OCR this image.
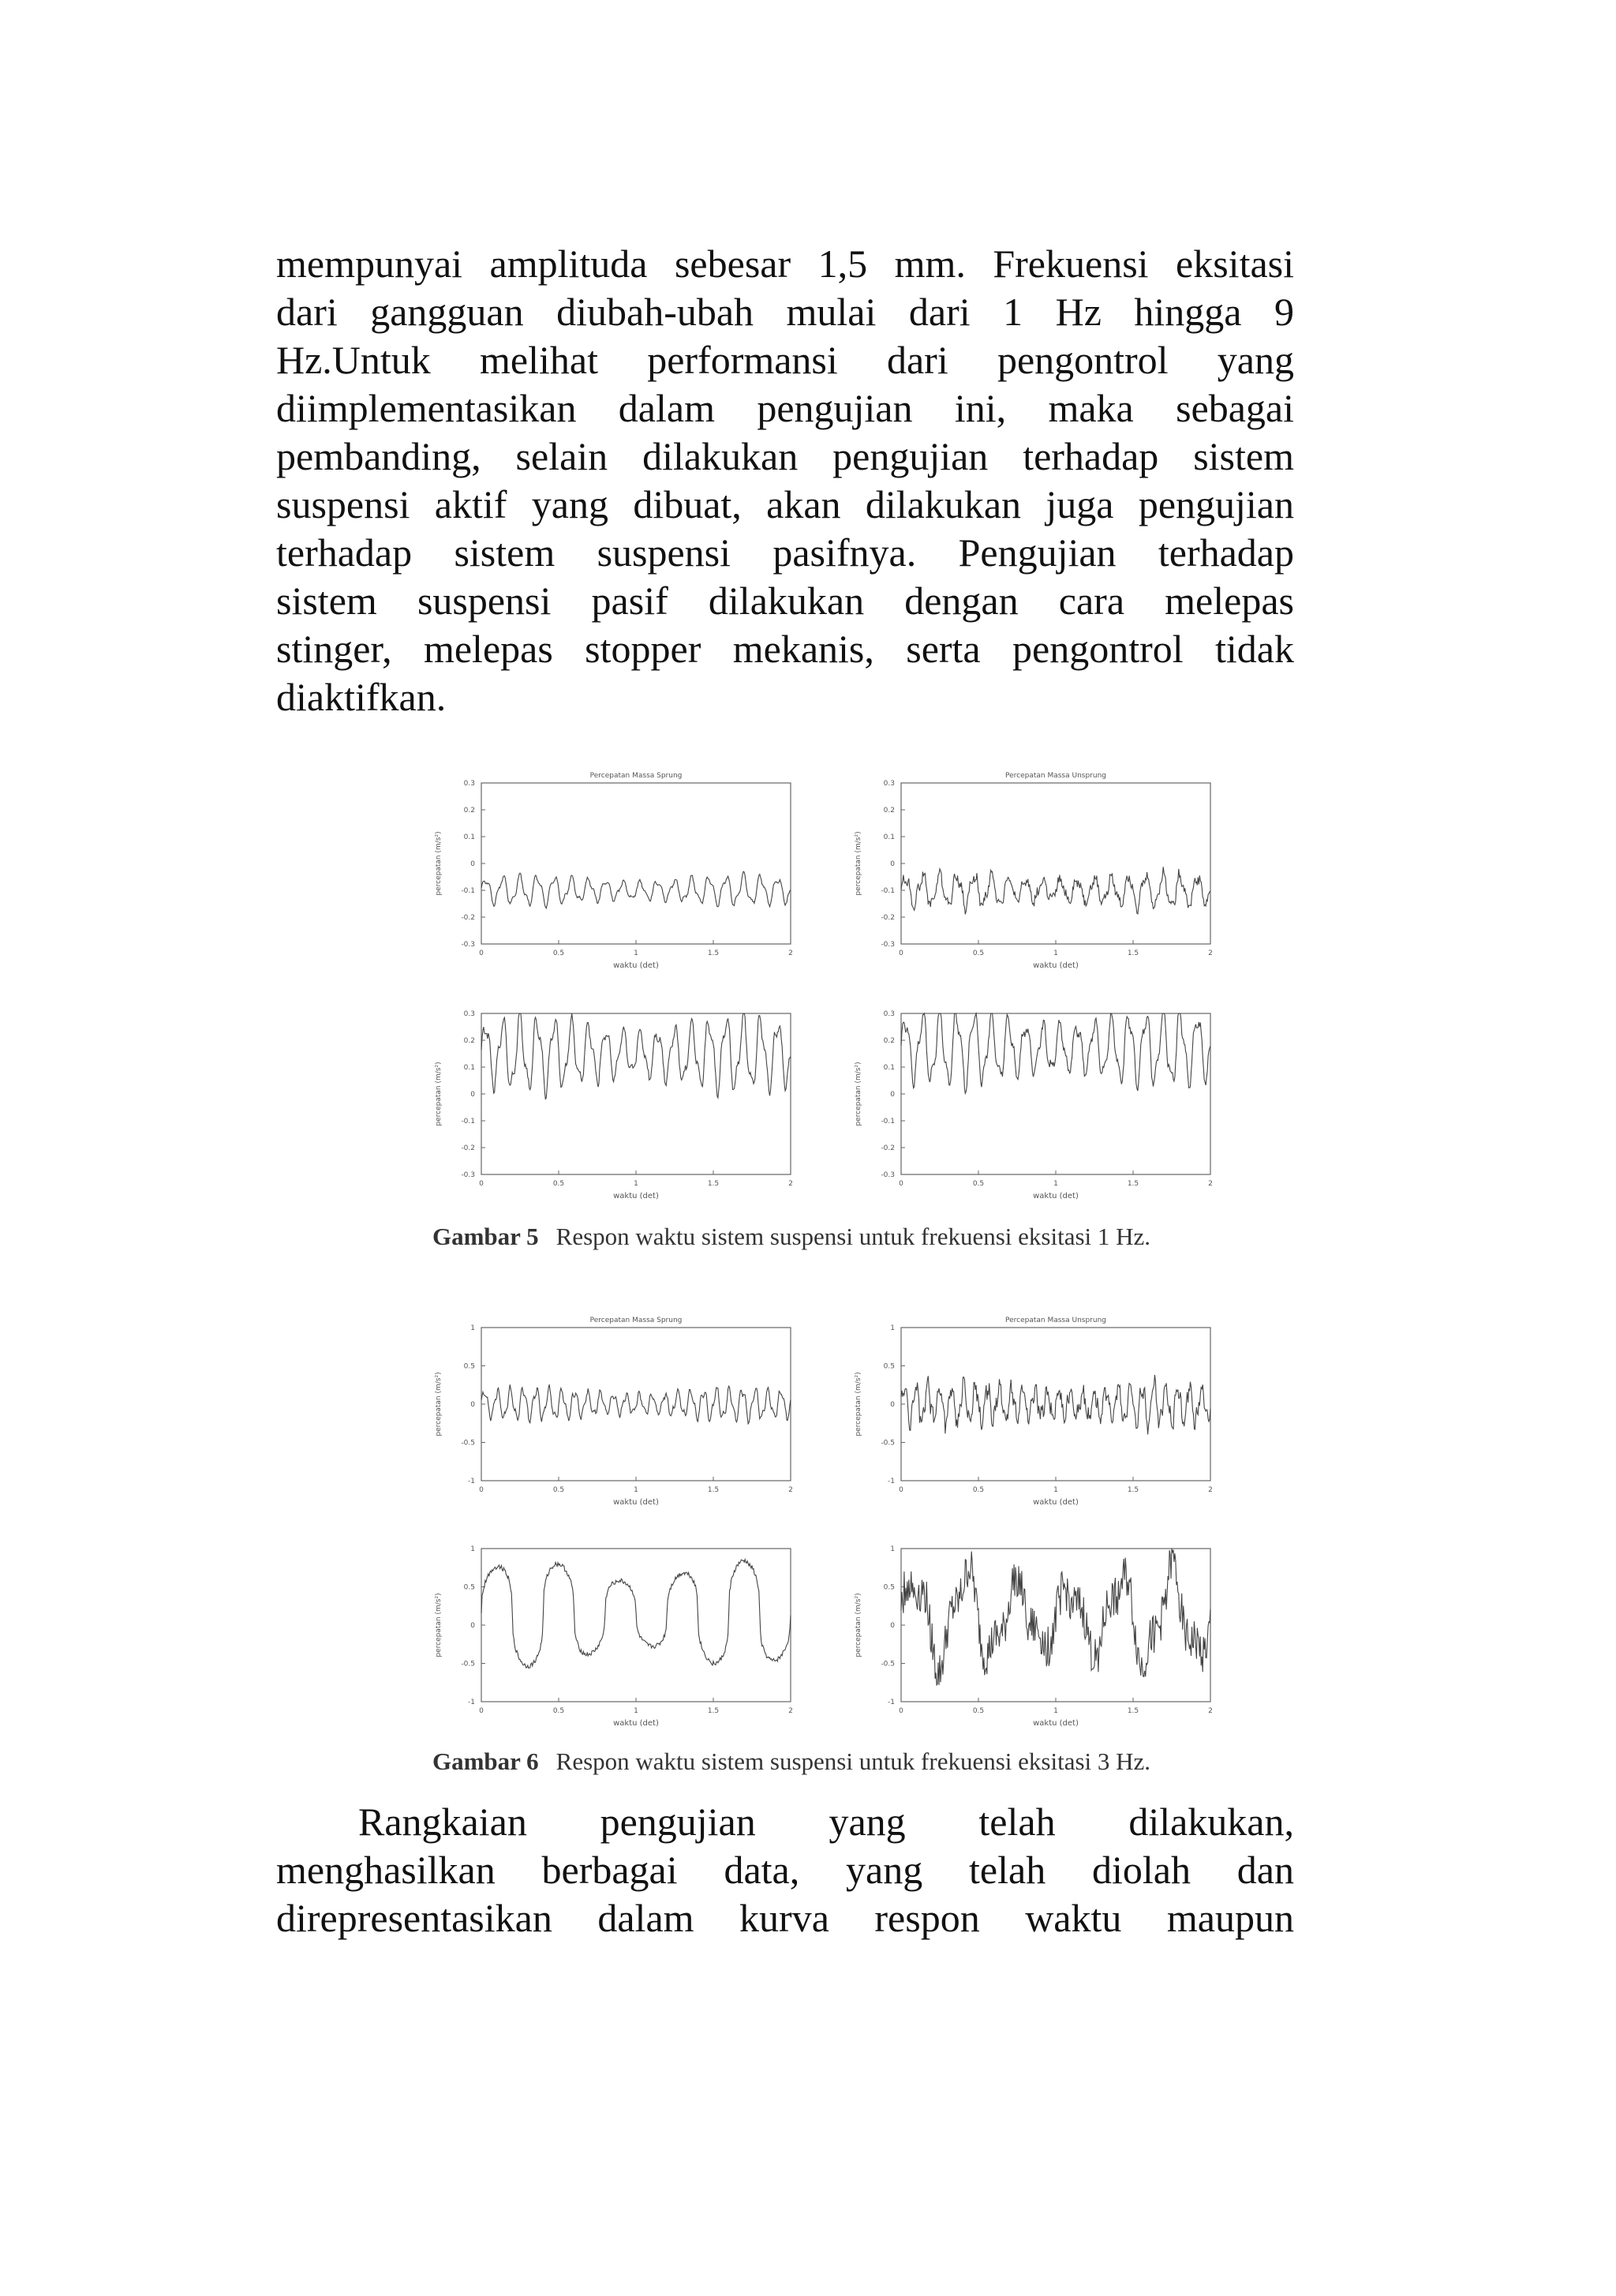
mempunyai amplituda sebesar 1,5 mm. Frekuensi eksitasi
dari gangguan diubah-ubah mulai dari 1 Hz hingga 9
Hz.Untuk melihat performansi dari pengontrol yang
diimplementasikan dalam pengujian ini, maka sebagai
pembanding, selain dilakukan pengujian terhadap sistem
suspensi aktif yang dibuat, akan dilakukan juga pengujian
terhadap sistem suspensi pasifnya. Pengujian terhadap
sistem suspensi pasif dilakukan dengan cara melepas
stinger, melepas stopper mekanis, serta pengontrol tidak
diaktifkan.
Percepatan Massa Sprung
0.3
0.2
0.1
0
-0.1
-0.2
-0.3
0	0.5	1	1.5	2
waktu (det)
percepatan (m/s²)
Percepatan Massa Unsprung
0.3
0.2
0.1
0
-0.1
-0.2
-0.3
0	0.5	1	1.5	2
waktu (det)
percepatan (m/s²)
0.3
0.2
0.1
0
-0.1
-0.2
-0.3
0	0.5	1	1.5	2
waktu (det)
percepatan (m/s²)
0.3
0.2
0.1
0
-0.1
-0.2
-0.3
0	0.5	1	1.5	2
waktu (det)
percepatan (m/s²)
Gambar 5 Respon waktu sistem suspensi untuk frekuensi eksitasi 1 Hz.
Percepatan Massa Sprung
1
0.5
0
-0.5
-1
0	0.5	1	1.5	2
waktu (det)
percepatan (m/s²)
Percepatan Massa Unsprung
1
0.5
0
-0.5
-1
0	0.5	1	1.5	2
waktu (det)
percepatan (m/s²)
1
0.5
0
-0.5
-1
0	0.5	1	1.5	2
waktu (det)
percepatan (m/s²)
1
0.5
0
-0.5
-1
0	0.5	1	1.5	2
waktu (det)
percepatan (m/s²)
Gambar 6 Respon waktu sistem suspensi untuk frekuensi eksitasi 3 Hz.
Rangkaian pengujian yang telah dilakukan,
menghasilkan berbagai data, yang telah diolah dan
direpresentasikan dalam kurva respon waktu maupun
